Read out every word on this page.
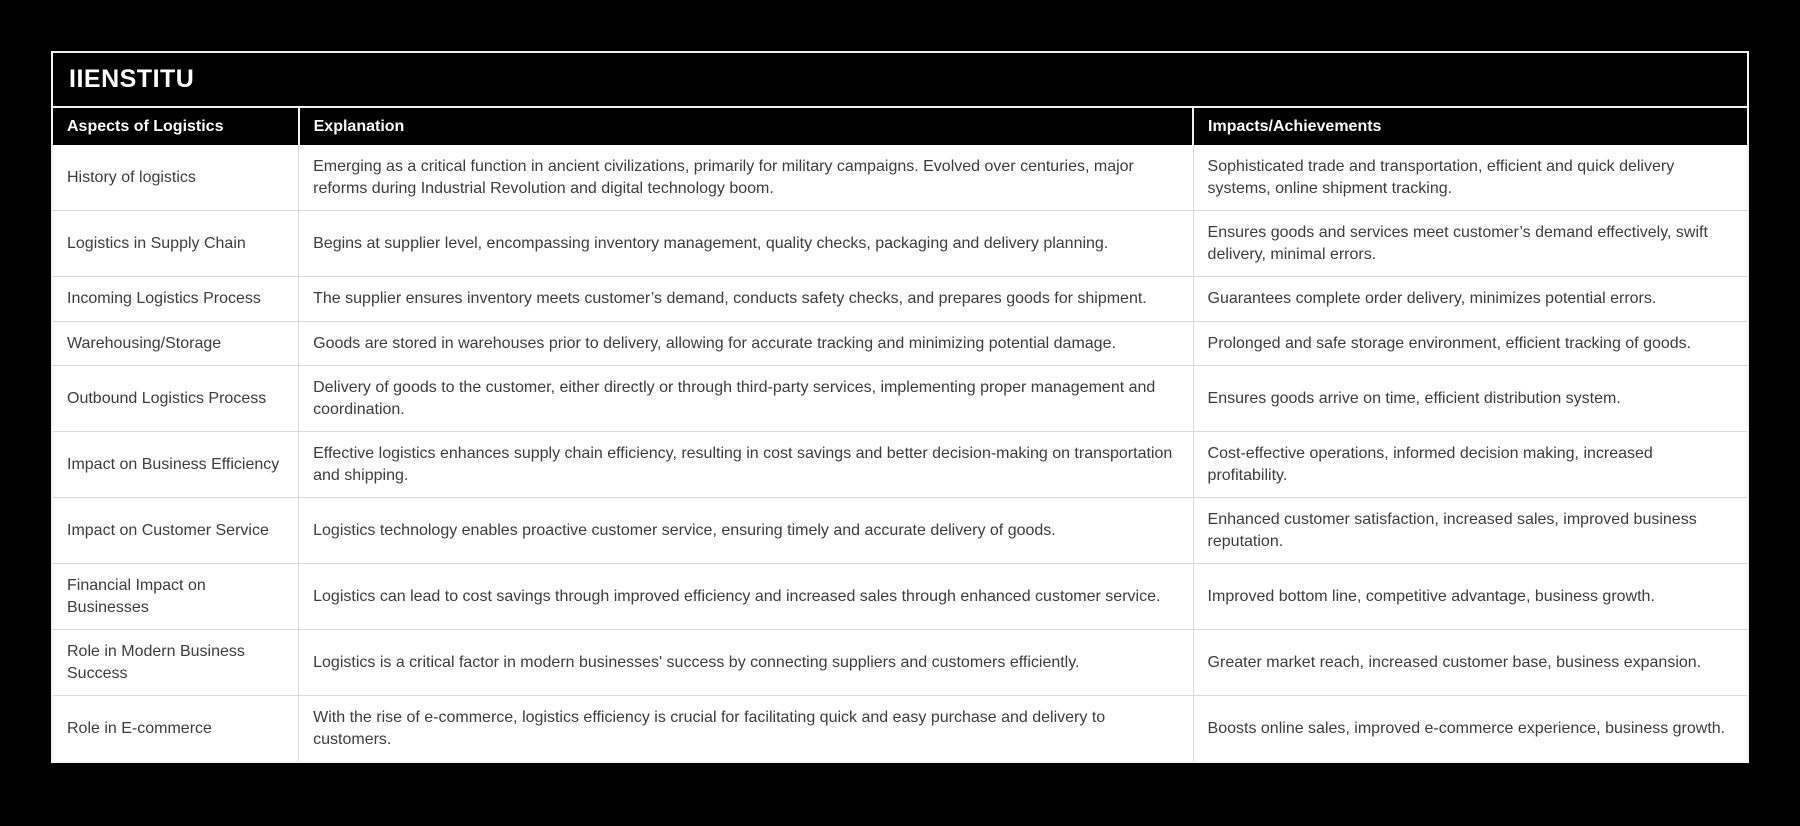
IIENSTITU
Aspects of Logistics	Explanation	Impacts/Achievements
History of logistics	Emerging as a critical function in ancient civilizations, primarily for military campaigns. Evolved over centuries, major reforms during Industrial Revolution and digital technology boom.	Sophisticated trade and transportation, efficient and quick delivery systems, online shipment tracking.
Logistics in Supply Chain	Begins at supplier level, encompassing inventory management, quality checks, packaging and delivery planning.	Ensures goods and services meet customer’s demand effectively, swift delivery, minimal errors.
Incoming Logistics Process	The supplier ensures inventory meets customer’s demand, conducts safety checks, and prepares goods for shipment.	Guarantees complete order delivery, minimizes potential errors.
Warehousing/Storage	Goods are stored in warehouses prior to delivery, allowing for accurate tracking and minimizing potential damage.	Prolonged and safe storage environment, efficient tracking of goods.
Outbound Logistics Process	Delivery of goods to the customer, either directly or through third-party services, implementing proper management and coordination.	Ensures goods arrive on time, efficient distribution system.
Impact on Business Efficiency	Effective logistics enhances supply chain efficiency, resulting in cost savings and better decision-making on transportation and shipping.	Cost-effective operations, informed decision making, increased profitability.
Impact on Customer Service	Logistics technology enables proactive customer service, ensuring timely and accurate delivery of goods.	Enhanced customer satisfaction, increased sales, improved business reputation.
Financial Impact on Businesses	Logistics can lead to cost savings through improved efficiency and increased sales through enhanced customer service.	Improved bottom line, competitive advantage, business growth.
Role in Modern Business Success	Logistics is a critical factor in modern businesses' success by connecting suppliers and customers efficiently.	Greater market reach, increased customer base, business expansion.
Role in E-commerce	With the rise of e-commerce, logistics efficiency is crucial for facilitating quick and easy purchase and delivery to customers.	Boosts online sales, improved e-commerce experience, business growth.
